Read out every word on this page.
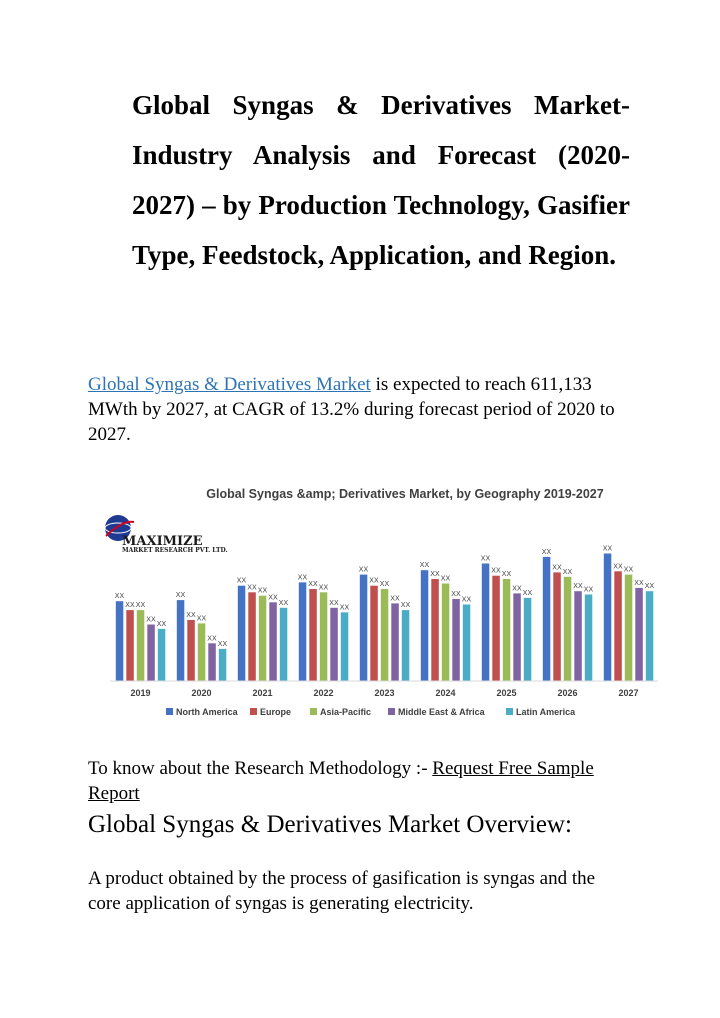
Global Syngas & Derivatives Market- Industry Analysis and Forecast (2020-2027) – by Production Technology, Gasifier Type, Feedstock, Application, and Region.

Global Syngas & Derivatives Market is expected to reach 611,133 MWth by 2027, at CAGR of 13.2% during forecast period of 2020 to 2027.

Global Syngas &amp; Derivatives Market, by Geography 2019-2027
MAXIMIZE
MARKET RESEARCH PVT. LTD.
XX
XX XX
XX
XX
XX
XX XX
XX
XX
XX
XX XX
XX
XX
XX
XX XX
XX
XX
XX
XX XX
XX
XX
XX
XX
XX
XX
XX
XX
XX XX
XX
XX
XX
XX
XX
XX XX
XX
XX XX
XX XX
2019	2020	2021	2022	2023	2024	2025	2026	2027
North America Europe	Asia-Pacific	Middle East & Africa	Latin America

To know about the Research Methodology :- Request Free Sample Report

Global Syngas & Derivatives Market Overview:

A product obtained by the process of gasification is syngas and the core application of syngas is generating electricity.
